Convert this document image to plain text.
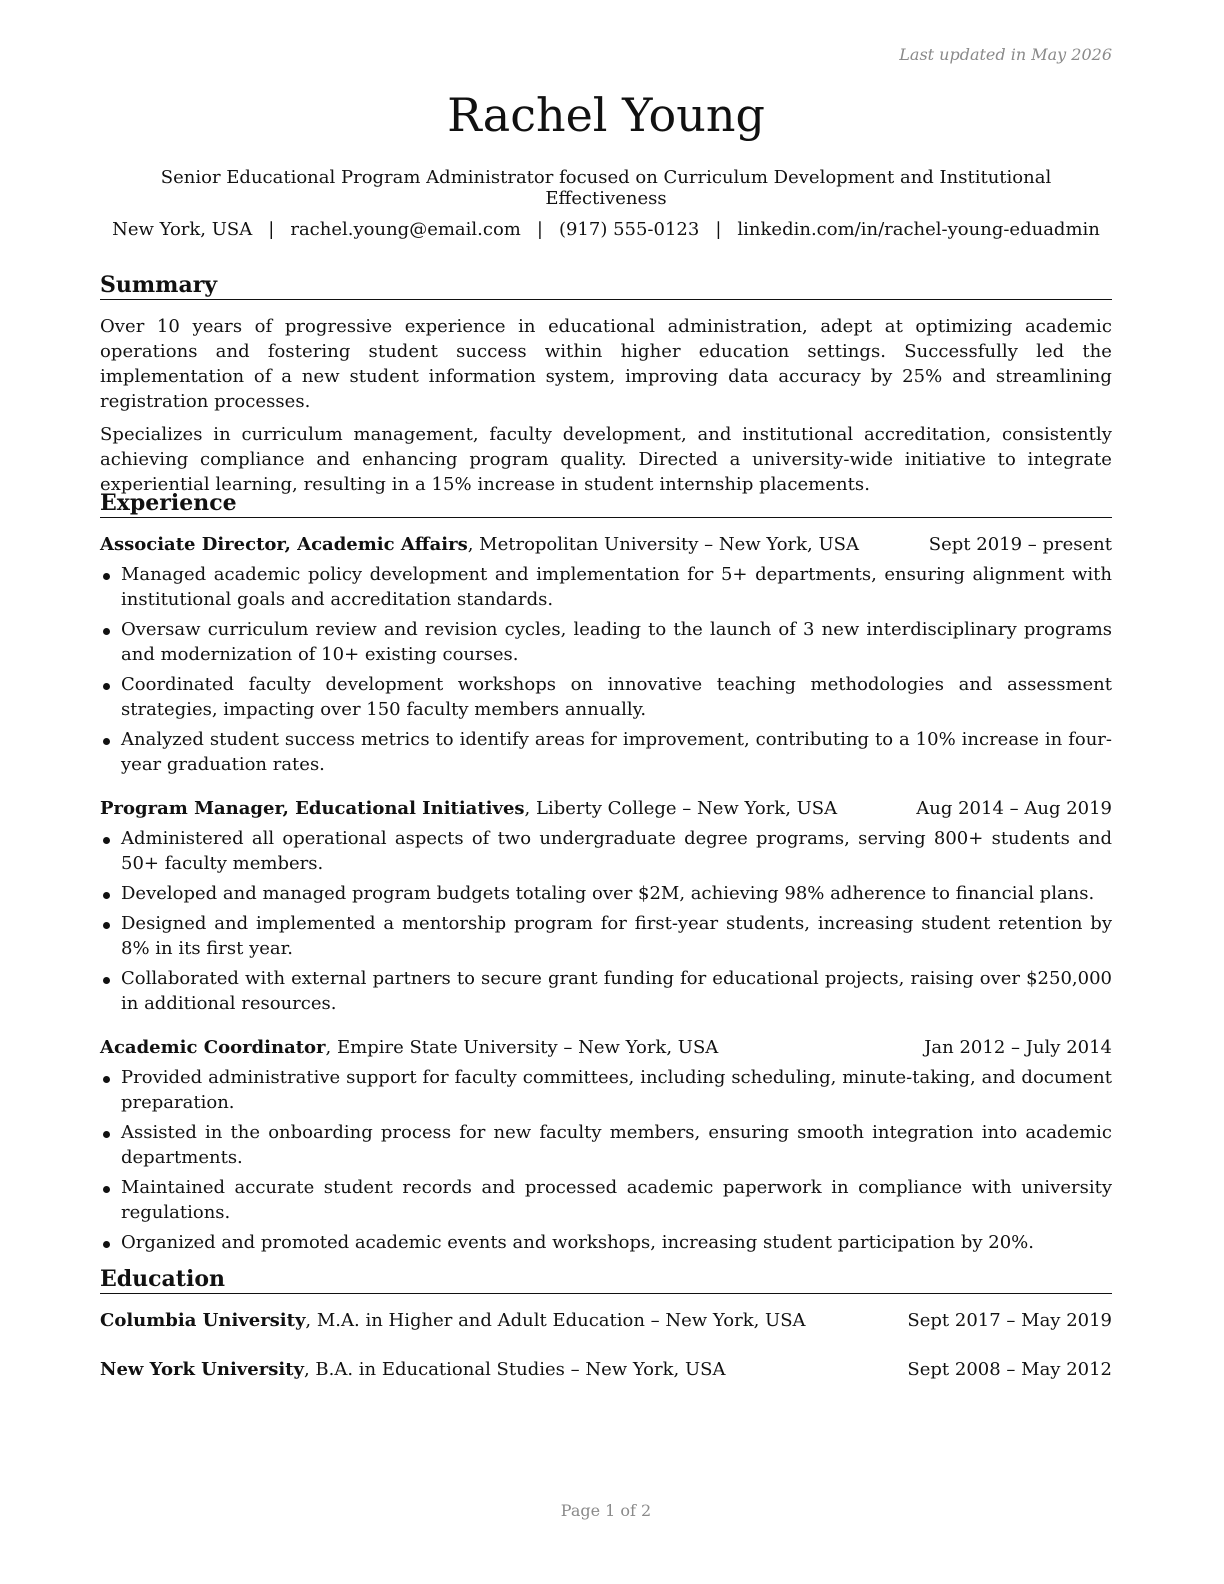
Last updated in May 2026
Rachel Young
Senior Educational Program Administrator focused on Curriculum Development and Institutional Effectiveness
New York, USA | rachel.young@email.com | (917) 555-0123 | linkedin.com/in/rachel-young-eduadmin
Summary

Over 10 years of progressive experience in educational administration, adept at optimizing academic operations and fostering student success within higher education settings. Successfully led the implementation of a new student information system, improving data accuracy by 25% and streamlining registration processes.

Specializes in curriculum management, faculty development, and institutional accreditation, consistently achieving compliance and enhancing program quality. Directed a university-wide initiative to integrate experiential learning, resulting in a 15% increase in student internship placements.

Experience
Associate Director, Academic Affairs, Metropolitan University – New York, USA	Sept 2019 – present
Managed academic policy development and implementation for 5+ departments, ensuring alignment with institutional goals and accreditation standards.
Oversaw curriculum review and revision cycles, leading to the launch of 3 new interdisciplinary programs and modernization of 10+ existing courses.
Coordinated faculty development workshops on innovative teaching methodologies and assessment strategies, impacting over 150 faculty members annually.
Analyzed student success metrics to identify areas for improvement, contributing to a 10% increase in four-year graduation rates.
Program Manager, Educational Initiatives, Liberty College – New York, USA	Aug 2014 – Aug 2019
Administered all operational aspects of two undergraduate degree programs, serving 800+ students and 50+ faculty members.
Developed and managed program budgets totaling over $2M, achieving 98% adherence to financial plans.
Designed and implemented a mentorship program for first-year students, increasing student retention by 8% in its first year.
Collaborated with external partners to secure grant funding for educational projects, raising over $250,000 in additional resources.
Academic Coordinator, Empire State University – New York, USA	Jan 2012 – July 2014
Provided administrative support for faculty committees, including scheduling, minute-taking, and document preparation.
Assisted in the onboarding process for new faculty members, ensuring smooth integration into academic departments.
Maintained accurate student records and processed academic paperwork in compliance with university regulations.
Organized and promoted academic events and workshops, increasing student participation by 20%.
Education
Columbia University, M.A. in Higher and Adult Education – New York, USA	Sept 2017 – May 2019
New York University, B.A. in Educational Studies – New York, USA	Sept 2008 – May 2012
Page 1 of 2
